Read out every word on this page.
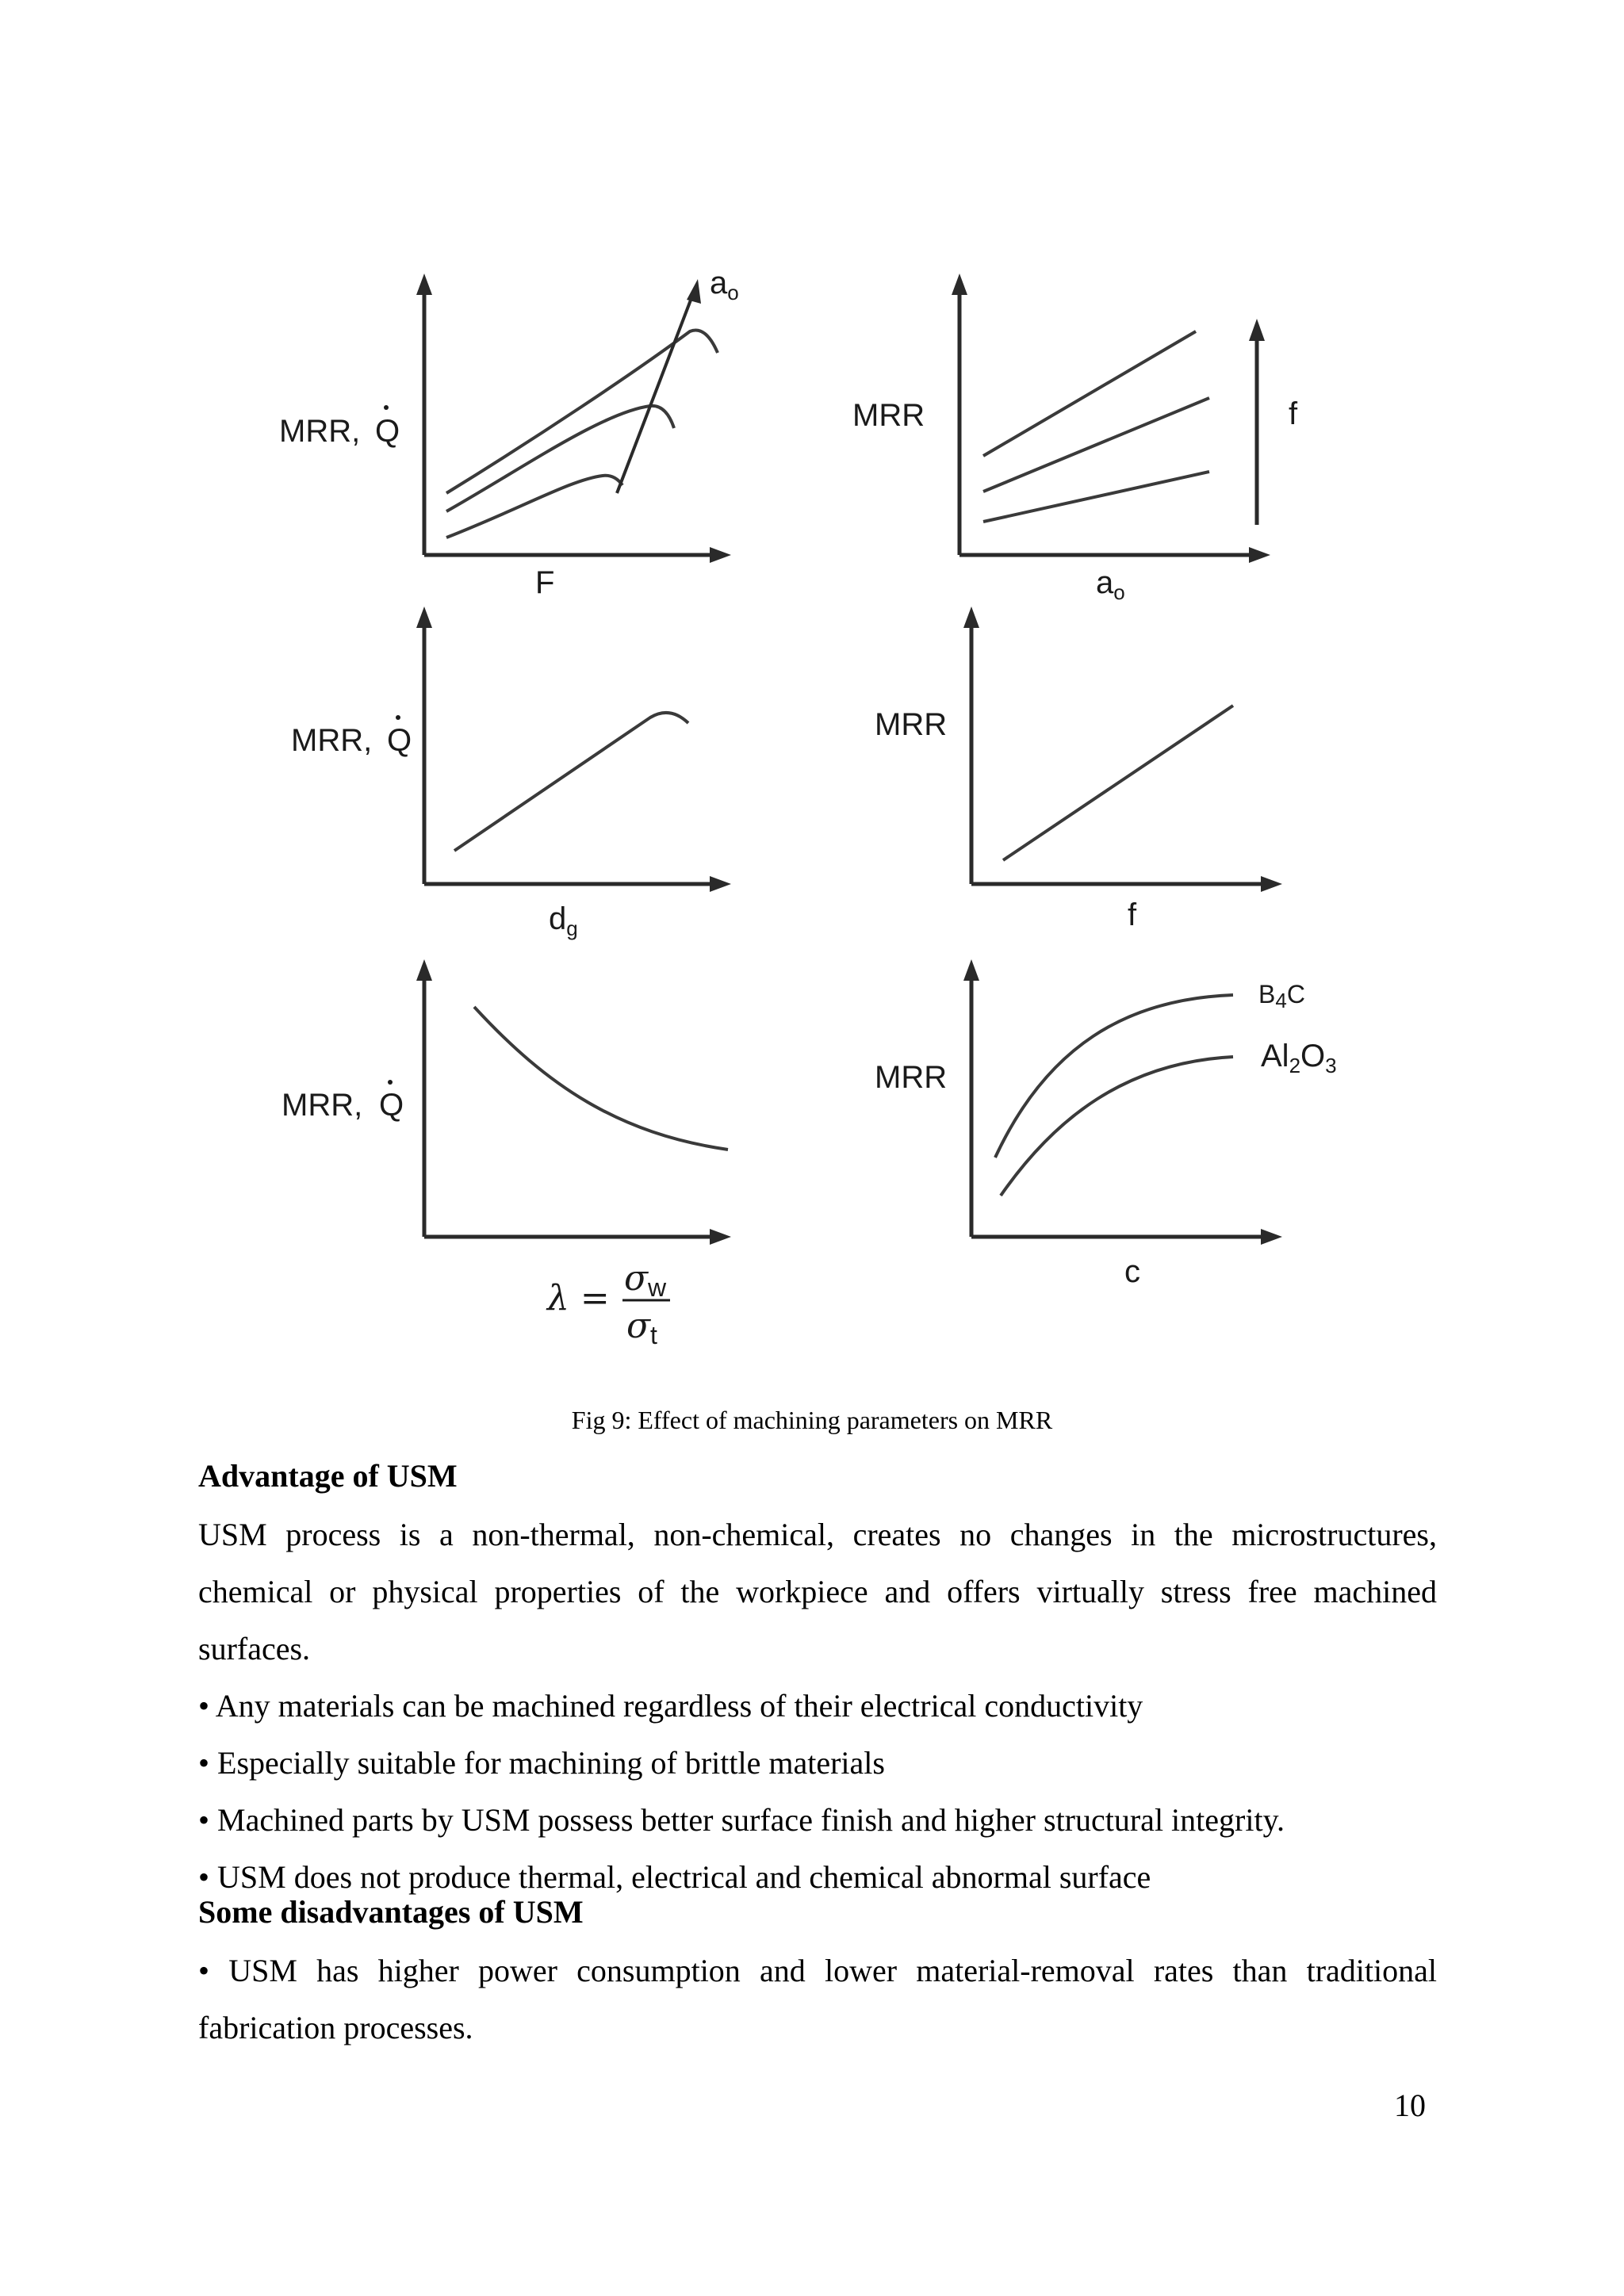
$a_o$
MRR, Q
F
f
MRR
$a_o$
MRR, Q
$d_g$
MRR
f
MRR, Q
λ = σw
σt
MRR
c
B4C
$Al_2O_3$
Fig 9: Effect of machining parameters on MRR
Advantage of USM

USM process is a non-thermal, non-chemical, creates no changes in the microstructures,

chemical or physical properties of the workpiece and offers virtually stress free machined

surfaces.

• Any materials can be machined regardless of their electrical conductivity

• Especially suitable for machining of brittle materials

• Machined parts by USM possess better surface finish and higher structural integrity.

• USM does not produce thermal, electrical and chemical abnormal surface

Some disadvantages of USM

• USM has higher power consumption and lower material-removal rates than traditional

fabrication processes.

10
